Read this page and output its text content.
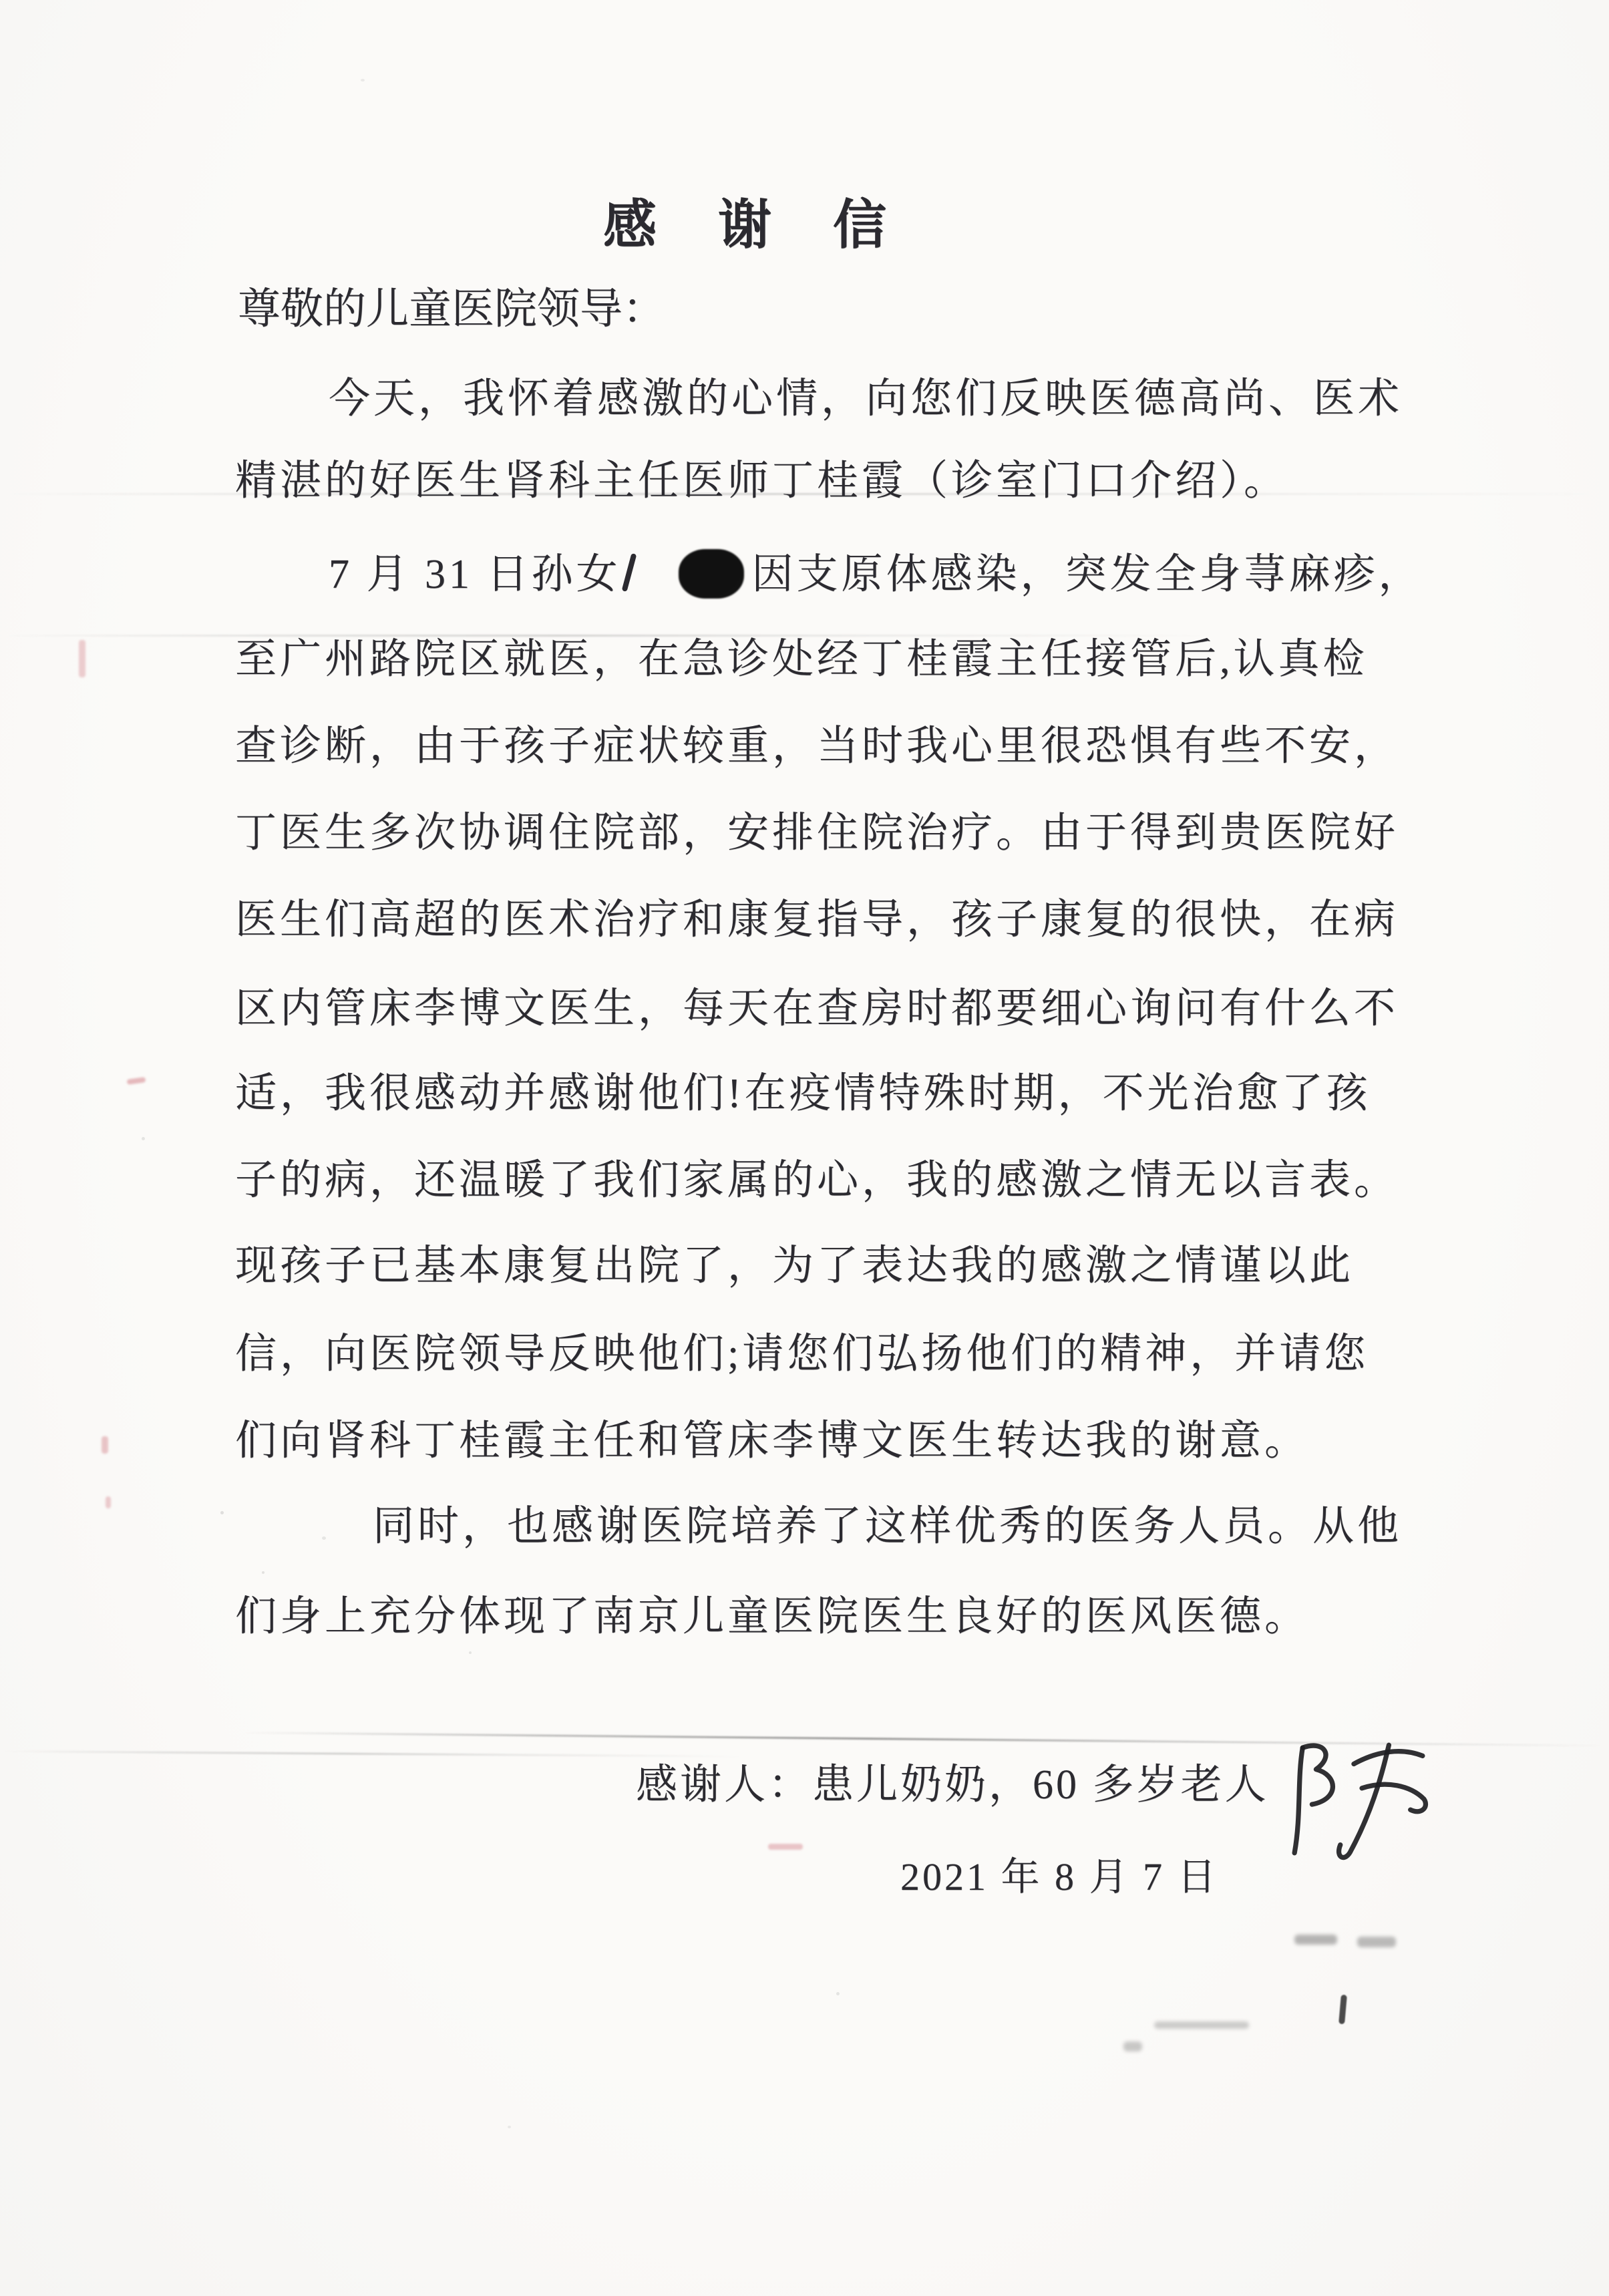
感　谢　信
尊敬的儿童医院领导：
今天，我怀着感激的心情，向您们反映医德高尚、医术
精湛的好医生肾科主任医师丁桂霞（诊室门口介绍）。
7 月 31 日孙女	因支原体感染，突发全身荨麻疹，
至广州路院区就医，在急诊处经丁桂霞主任接管后,认真检
查诊断，由于孩子症状较重，当时我心里很恐惧有些不安，
丁医生多次协调住院部，安排住院治疗。由于得到贵医院好
医生们高超的医术治疗和康复指导，孩子康复的很快，在病
区内管床李博文医生，每天在查房时都要细心询问有什么不
适，我很感动并感谢他们!在疫情特殊时期，不光治愈了孩
子的病，还温暖了我们家属的心，我的感激之情无以言表。
现孩子已基本康复出院了，为了表达我的感激之情谨以此
信，向医院领导反映他们;请您们弘扬他们的精神，并请您
们向肾科丁桂霞主任和管床李博文医生转达我的谢意。
同时，也感谢医院培养了这样优秀的医务人员。从他
们身上充分体现了南京儿童医院医生良好的医风医德。
感谢人：患儿奶奶，60 多岁老人
2021 年 8 月 7 日
